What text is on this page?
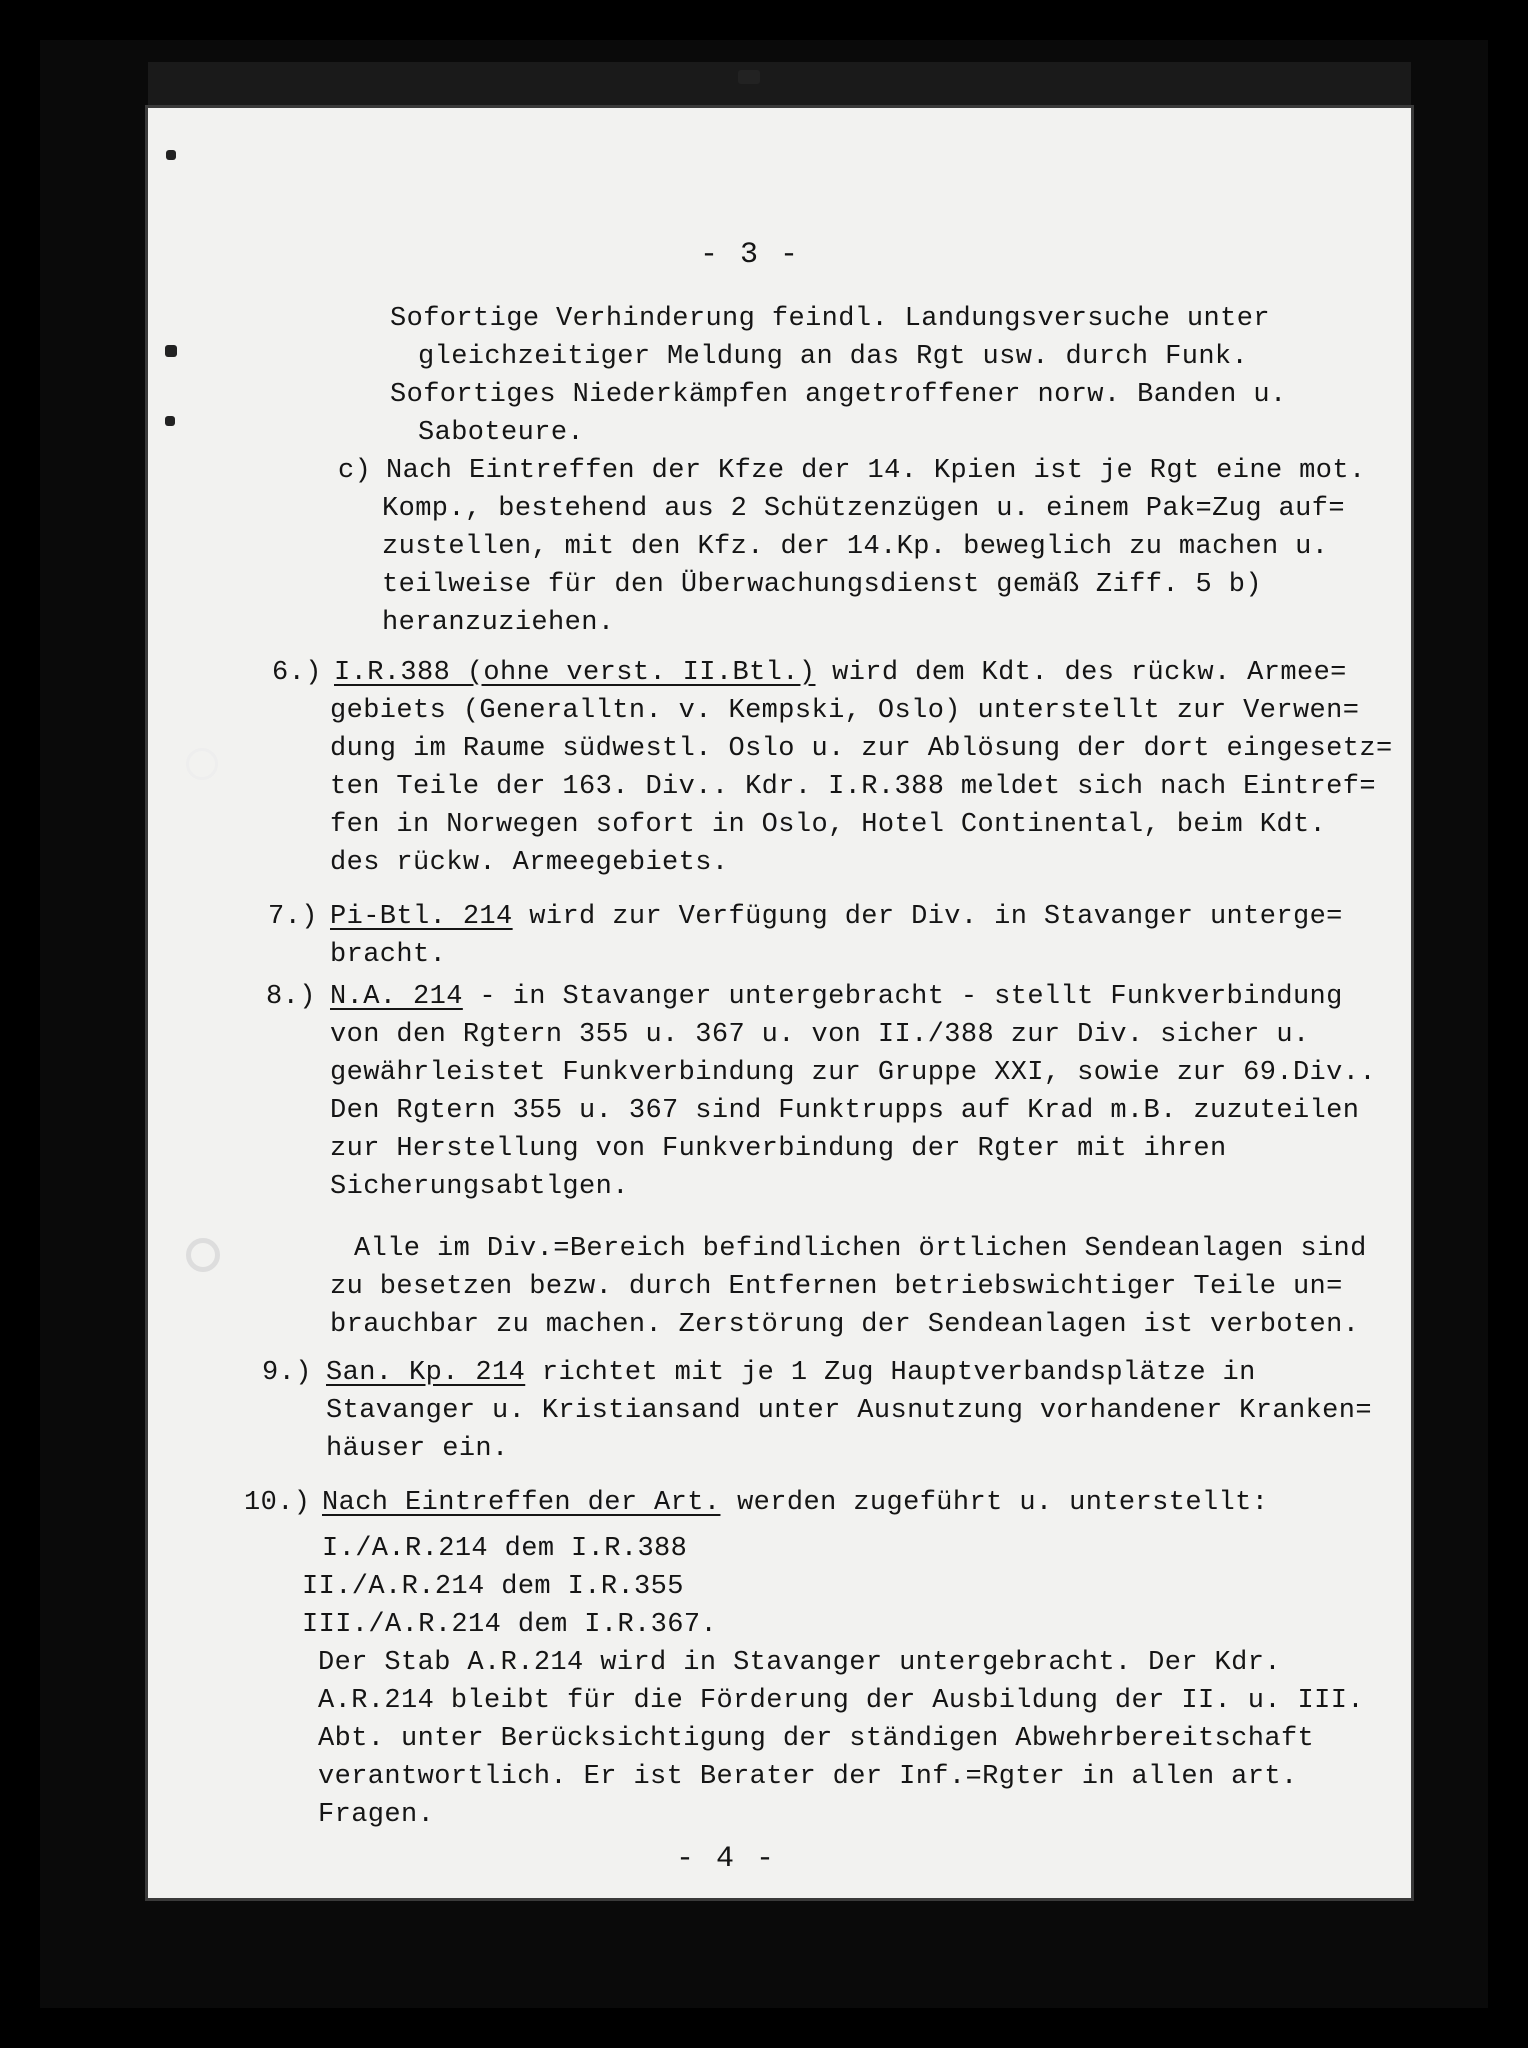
- 3 -
Sofortige Verhinderung feindl. Landungsversuche unter
gleichzeitiger Meldung an das Rgt usw. durch Funk.
Sofortiges Niederkämpfen angetroffener norw. Banden u.
Saboteure.
c) Nach Eintreffen der Kfze der 14. Kpien ist je Rgt eine mot.
Komp., bestehend aus 2 Schützenzügen u. einem Pak=Zug auf=
zustellen, mit den Kfz. der 14.Kp. beweglich zu machen u.
teilweise für den Überwachungsdienst gemäß Ziff. 5 b)
heranzuziehen.
6.) I.R.388 (ohne verst. II.Btl.) wird dem Kdt. des rückw. Armee=
gebiets (Generalltn. v. Kempski, Oslo) unterstellt zur Verwen=
dung im Raume südwestl. Oslo u. zur Ablösung der dort eingesetz=
ten Teile der 163. Div.. Kdr. I.R.388 meldet sich nach Eintref=
fen in Norwegen sofort in Oslo, Hotel Continental, beim Kdt.
des rückw. Armeegebiets.
7.) Pi-Btl. 214 wird zur Verfügung der Div. in Stavanger unterge=
bracht.
8.) N.A. 214 - in Stavanger untergebracht - stellt Funkverbindung
von den Rgtern 355 u. 367 u. von II./388 zur Div. sicher u.
gewährleistet Funkverbindung zur Gruppe XXI, sowie zur 69.Div..
Den Rgtern 355 u. 367 sind Funktrupps auf Krad m.B. zuzuteilen
zur Herstellung von Funkverbindung der Rgter mit ihren
Sicherungsabtlgen.
Alle im Div.=Bereich befindlichen örtlichen Sendeanlagen sind
zu besetzen bezw. durch Entfernen betriebswichtiger Teile un=
brauchbar zu machen. Zerstörung der Sendeanlagen ist verboten.
9.) San. Kp. 214 richtet mit je 1 Zug Hauptverbandsplätze in
Stavanger u. Kristiansand unter Ausnutzung vorhandener Kranken=
häuser ein.
10.) Nach Eintreffen der Art. werden zugeführt u. unterstellt:
I./A.R.214 dem I.R.388
II./A.R.214 dem I.R.355
III./A.R.214 dem I.R.367.
Der Stab A.R.214 wird in Stavanger untergebracht. Der Kdr.
A.R.214 bleibt für die Förderung der Ausbildung der II. u. III.
Abt. unter Berücksichtigung der ständigen Abwehrbereitschaft
verantwortlich. Er ist Berater der Inf.=Rgter in allen art.
Fragen.
- 4 -
